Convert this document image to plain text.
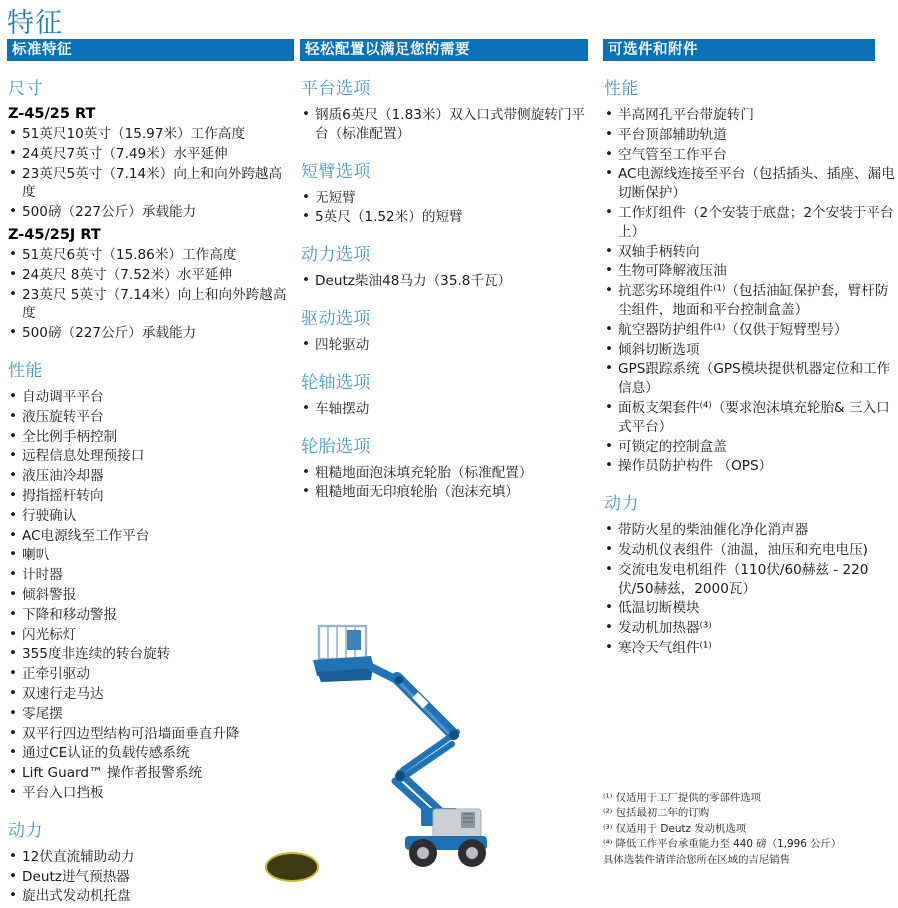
特征
标准特征
尺寸
Z-45/25 RT
• 51英尺10英寸（15.97米）工作高度
• 24英尺7英寸（7.49米）水平延伸
• 23英尺5英寸（7.14米）向上和向外跨越高度
• 500磅（227公斤）承载能力
Z-45/25J RT
• 51英尺6英寸（15.86米）工作高度
• 24英尺 8英寸（7.52米）水平延伸
• 23英尺 5英寸（7.14米）向上和向外跨越高度
• 500磅（227公斤）承载能力
性能
• 自动调平平台
• 液压旋转平台
• 全比例手柄控制
• 远程信息处理预接口
• 液压油冷却器
• 拇指摇杆转向
• 行驶确认
• AC电源线至工作平台
• 喇叭
• 计时器
• 倾斜警报
• 下降和移动警报
• 闪光标灯
• 355度非连续的转台旋转
• 正牵引驱动
• 双速行走马达
• 零尾摆
• 双平行四边型结构可沿墙面垂直升降
• 通过CE认证的负载传感系统
• Lift Guard™ 操作者报警系统
• 平台入口挡板
动力
• 12伏直流辅助动力
• Deutz进气预热器
• 旋出式发动机托盘
轻松配置以满足您的需要
平台选项
• 钢质6英尺（1.83米）双入口式带侧旋转门平台（标准配置）
短臂选项
• 无短臂
• 5英尺（1.52米）的短臂
动力选项
• Deutz柴油48马力（35.8千瓦）
驱动选项
• 四轮驱动
轮轴选项
• 车轴摆动
轮胎选项
• 粗糙地面泡沫填充轮胎（标准配置）
• 粗糙地面无印痕轮胎（泡沫充填）
可选件和附件
性能
• 半高网孔平台带旋转门
• 平台顶部辅助轨道
• 空气管至工作平台
• AC电源线连接至平台（包括插头、插座、漏电切断保护）
• 工作灯组件（2个安装于底盘；2个安装于平台上）
• 双轴手柄转向
• 生物可降解液压油
• 抗恶劣环境组件⁽¹⁾（包括油缸保护套，臂杆防尘组件，地面和平台控制盒盖）
• 航空器防护组件⁽¹⁾（仅供于短臂型号）
• 倾斜切断选项
• GPS跟踪系统（GPS模块提供机器定位和工作信息）
• 面板支架套件⁽⁴⁾（要求泡沫填充轮胎& 三入口式平台）
• 可锁定的控制盒盖
• 操作员防护构件 （OPS）
动力
• 带防火星的柴油催化净化消声器
• 发动机仪表组件（油温，油压和充电电压)
• 交流电发电机组件（110伏/60赫兹 - 220伏/50赫兹，2000瓦）
• 低温切断模块
• 发动机加热器⁽³⁾
• 寒冷天气组件⁽¹⁾
⁽¹⁾ 仅适用于工厂提供的零部件选项
⁽²⁾ 包括最初二年的订购
⁽³⁾ 仅适用于 Deutz 发动机选项
⁽⁴⁾ 降低工作平台承重能力至 440 磅（1,996 公斤）
具体选装件请详洽您所在区域的吉尼销售
